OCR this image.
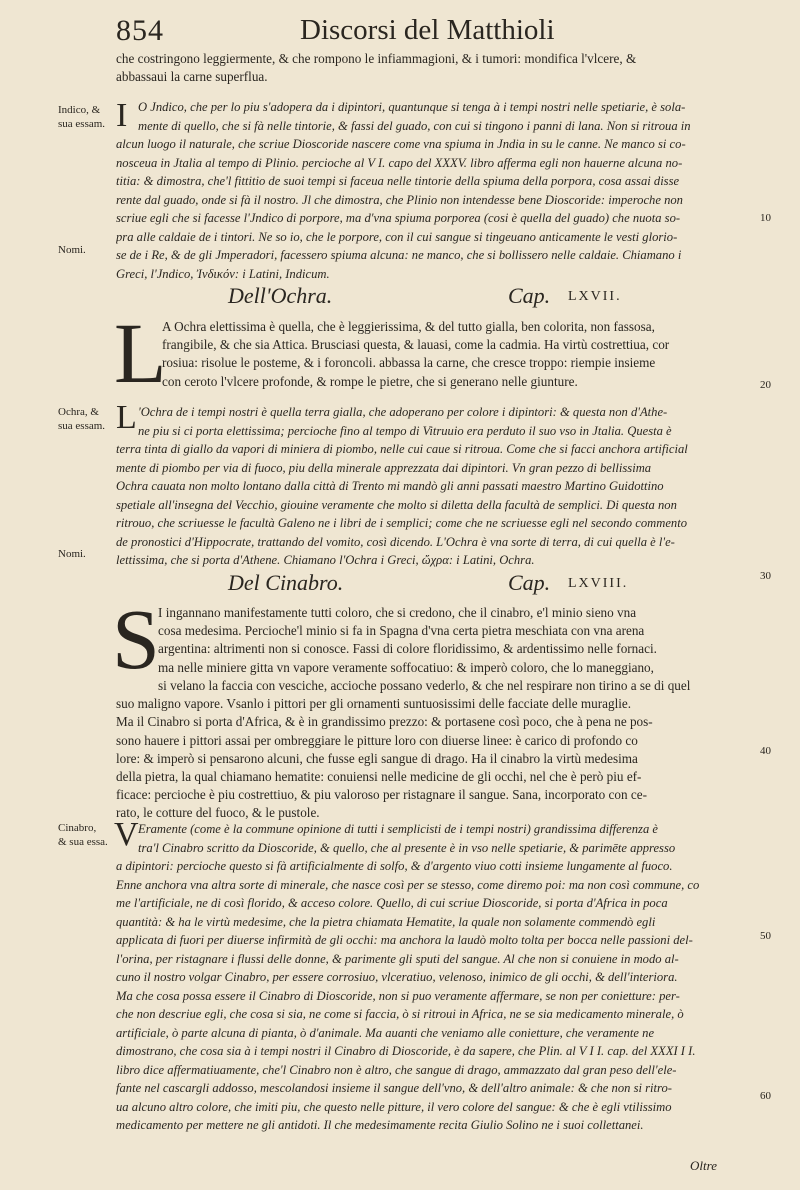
854	Discorsi del Matthioli
che costringono leggiermente, & che rompono le infiammagioni, & i tumori: mondifica l'vlcere, &
abbassaui la carne superflua.
Indico, &
sua essam. I O Jndico, che per lo piu s'adopera da i dipintori, quantunque si tenga à i tempi nostri nelle spetiarie, è sola-
mente di quello, che si fà nelle tintorie, & fassi del guado, con cui si tingono i panni di lana. Non si ritroua in
alcun luogo il naturale, che scriue Dioscoride nascere come vna spiuma in Jndia in su le canne. Ne manco si co-
nosceua in Jtalia al tempo di Plinio. percioche al V I. capo del XXXV. libro afferma egli non hauerne alcuna no-
titia: & dimostra, che'l fittitio de suoi tempi si faceua nelle tintorie della spiuma della porpora, cosa assai disse
rente dal guado, onde si fà il nostro. Jl che dimostra, che Plinio non intendesse bene Dioscoride: imperoche non
scriue egli che si facesse l'Jndico di porpore, ma d'vna spiuma porporea (cosi è quella del guado) che nuota so-
pra alle caldaie de i tintori. Ne so io, che le porpore, con il cui sangue si tingeuano anticamente le vesti glorio-
se de i Re, & de gli Jmperadori, facessero spiuma alcuna: ne manco, che si bollissero nelle caldaie. Chiamano i
Greci, l'Jndico, Ἰνδικόν: i Latini, Indicum.
10
Nomi.
Dell'Ochra.	Cap. LXVII.
L
A Ochra elettissima è quella, che è leggierissima, & del tutto gialla, ben colorita, non fassosa,
frangibile, & che sia Attica. Brusciasi questa, & lauasi, come la cadmia. Ha virtù costrettiua, cor
rosiua: risolue le posteme, & i foroncoli. abbassa la carne, che cresce troppo: riempie insieme
con ceroto l'vlcere profonde, & rompe le pietre, che si generano nelle giunture.	20
Ochra, &
sua essam. L 'Ochra de i tempi nostri è quella terra gialla, che adoperano per colore i dipintori: & questa non d'Athe-
ne piu si ci porta elettissima; percioche fino al tempo di Vitruuio era perduto il suo vso in Jtalia. Questa è
terra tinta di giallo da vapori di miniera di piombo, nelle cui caue si ritroua. Come che si facci anchora artificial
mente di piombo per via di fuoco, piu della minerale apprezzata dai dipintori. Vn gran pezzo di bellissima
Ochra cauata non molto lontano dalla città di Trento mi mandò gli anni passati maestro Martino Guidottino
spetiale all'insegna del Vecchio, giouine veramente che molto si diletta della facultà de semplici. Di questa non
ritrouo, che scriuesse le facultà Galeno ne i libri de i semplici; come che ne scriuesse egli nel secondo commento
de pronostici d'Hippocrate, trattando del vomito, così dicendo. L'Ochra è vna sorte di terra, di cui quella è l'e-
lettissima, che si porta d'Athene. Chiamano l'Ochra i Greci, ὤχρα: i Latini, Ochra.
Nomi.
Del Cinabro.	Cap. LXVIII.	30
S
I ingannano manifestamente tutti coloro, che si credono, che il cinabro, e'l minio sieno vna
cosa medesima. Percioche'l minio si fa in Spagna d'vna certa pietra meschiata con vna arena
argentina: altrimenti non si conosce. Fassi di colore floridissimo, & ardentissimo nelle fornaci.
ma nelle miniere gitta vn vapore veramente soffocatiuo: & imperò coloro, che lo maneggiano,
si velano la faccia con vesciche, accioche possano vederlo, & che nel respirare non tirino a se di quel
suo maligno vapore. Vsanlo i pittori per gli ornamenti suntuosissimi delle facciate delle muraglie.
Ma il Cinabro si porta d'Africa, & è in grandissimo prezzo: & portasene così poco, che à pena ne pos-
sono hauere i pittori assai per ombreggiare le pitture loro con diuerse linee: è carico di profondo co
lore: & imperò si pensarono alcuni, che fusse egli sangue di drago. Ha il cinabro la virtù medesima
della pietra, la qual chiamano hematite: conuiensi nelle medicine de gli occhi, nel che è però piu ef-
ficace: percioche è piu costrettiuo, & piu valoroso per ristagnare il sangue. Sana, incorporato con ce-
rato, le cotture del fuoco, & le pustole.
40
Cinabro,
& sua essa. V Eramente (come è la commune opinione di tutti i semplicisti de i tempi nostri) grandissima differenza è
tra'l Cinabro scritto da Dioscoride, & quello, che al presente è in vso nelle spetiarie, & parimēte appresso
a dipintori: percioche questo si fà artificialmente di solfo, & d'argento viuo cotti insieme lungamente al fuoco.
Enne anchora vna altra sorte di minerale, che nasce così per se stesso, come diremo poi: ma non così commune, co
me l'artificiale, ne di così florido, & acceso colore. Quello, di cui scriue Dioscoride, si porta d'Africa in poca
quantità: & ha le virtù medesime, che la pietra chiamata Hematite, la quale non solamente commendò egli
applicata di fuori per diuerse infirmità de gli occhi: ma anchora la laudò molto tolta per bocca nelle passioni del-
l'orina, per ristagnare i flussi delle donne, & parimente gli sputi del sangue. Al che non si conuiene in modo al-
cuno il nostro volgar Cinabro, per essere corrosiuo, vlceratiuo, velenoso, inimico de gli occhi, & dell'interiora.
Ma che cosa possa essere il Cinabro di Dioscoride, non si puo veramente affermare, se non per conietture: per-
che non descriue egli, che cosa si sia, ne come si faccia, ò si ritroui in Africa, ne se sia medicamento minerale, ò
artificiale, ò parte alcuna di pianta, ò d'animale. Ma auanti che veniamo alle conietture, che veramente ne
dimostrano, che cosa sia à i tempi nostri il Cinabro di Dioscoride, è da sapere, che Plin. al V I I. cap. del XXXI I I.
libro dice affermatiuamente, che'l Cinabro non è altro, che sangue di drago, ammazzato dal gran peso dell'ele-
fante nel cascargli addosso, mescolandosi insieme il sangue dell'vno, & dell'altro animale: & che non si ritro-
ua alcuno altro colore, che imiti piu, che questo nelle pitture, il vero colore del sangue: & che è egli vtilissimo
medicamento per mettere ne gli antidoti. Il che medesimamente recita Giulio Solino ne i suoi collettanei.
50
60
Oltre
